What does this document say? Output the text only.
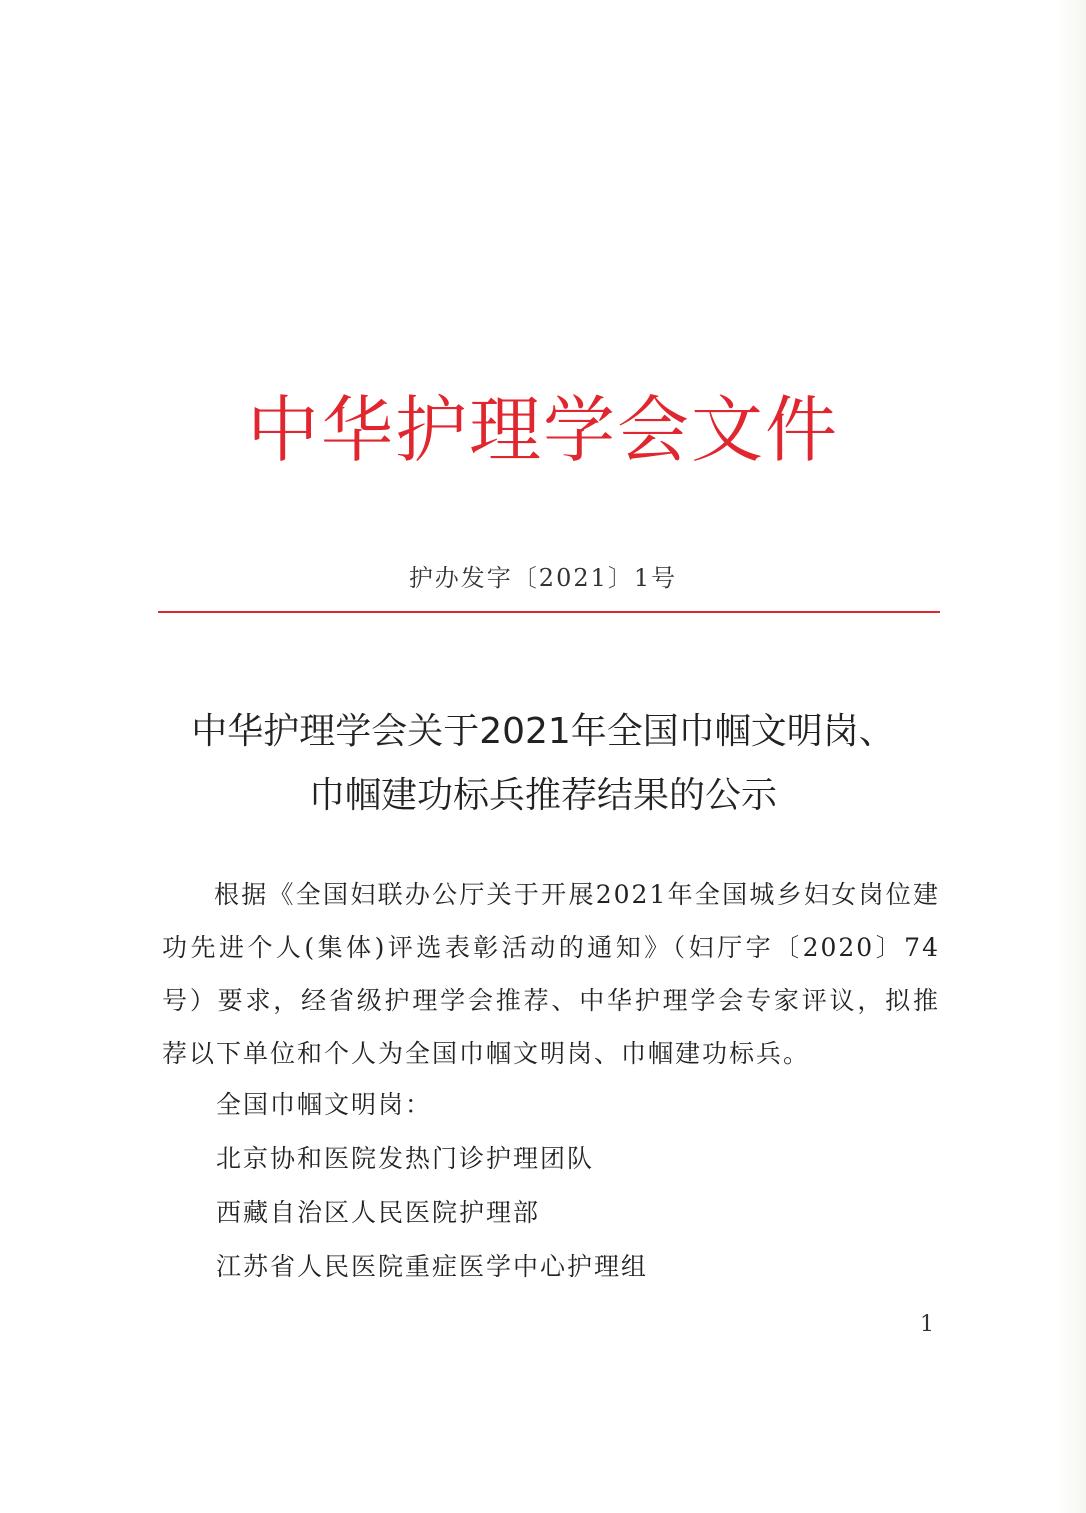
中华护理学会文件
护办发字〔2021〕1号
中华护理学会关于2021年全国巾帼文明岗、
巾帼建功标兵推荐结果的公示
根据《全国妇联办公厅关于开展2021年全国城乡妇女岗位建功先进个人(集体)评选表彰活动的通知》（妇厅字〔2020〕74号）要求，经省级护理学会推荐、中华护理学会专家评议，拟推荐以下单位和个人为全国巾帼文明岗、巾帼建功标兵。
全国巾帼文明岗：
北京协和医院发热门诊护理团队
西藏自治区人民医院护理部
江苏省人民医院重症医学中心护理组
1
